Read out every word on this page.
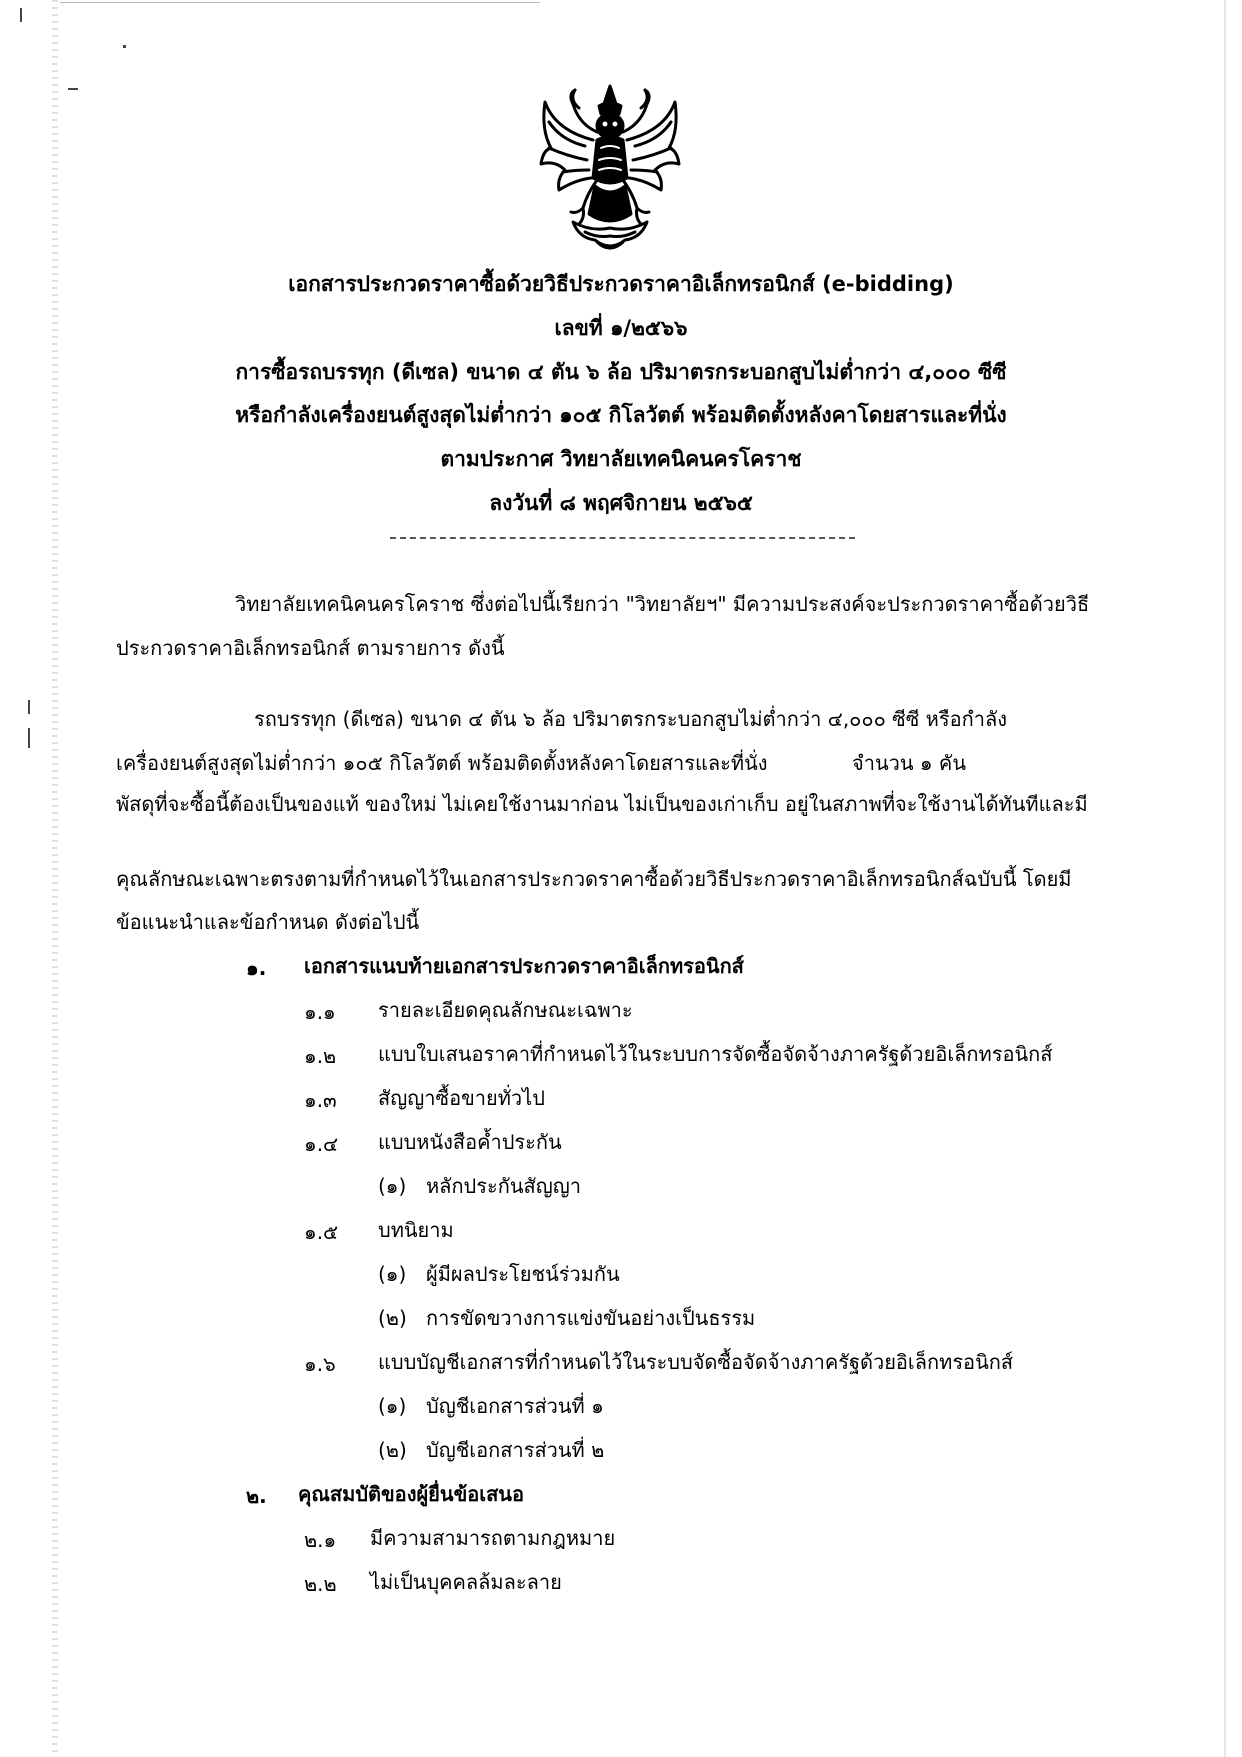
เอกสารประกวดราคาซื้อด้วยวิธีประกวดราคาอิเล็กทรอนิกส์ (e-bidding)
เลขที่ ๑/๒๕๖๖
การซื้อรถบรรทุก (ดีเซล) ขนาด ๔ ตัน ๖ ล้อ ปริมาตรกระบอกสูบไม่ต่ำกว่า ๔,๐๐๐ ซีซี
หรือกำลังเครื่องยนต์สูงสุดไม่ต่ำกว่า ๑๐๕ กิโลวัตต์ พร้อมติดตั้งหลังคาโดยสารและที่นั่ง
ตามประกาศ วิทยาลัยเทคนิคนครโคราช
ลงวันที่ ๘ พฤศจิกายน ๒๕๖๕
วิทยาลัยเทคนิคนครโคราช ซึ่งต่อไปนี้เรียกว่า "วิทยาลัยฯ" มีความประสงค์จะประกวดราคาซื้อด้วยวิธี
ประกวดราคาอิเล็กทรอนิกส์ ตามรายการ ดังนี้
รถบรรทุก (ดีเซล) ขนาด ๔ ตัน ๖ ล้อ ปริมาตรกระบอกสูบไม่ต่ำกว่า ๔,๐๐๐ ซีซี หรือกำลัง
เครื่องยนต์สูงสุดไม่ต่ำกว่า ๑๐๕ กิโลวัตต์ พร้อมติดตั้งหลังคาโดยสารและที่นั่ง	จำนวน ๑ คัน
พัสดุที่จะซื้อนี้ต้องเป็นของแท้ ของใหม่ ไม่เคยใช้งานมาก่อน ไม่เป็นของเก่าเก็บ อยู่ในสภาพที่จะใช้งานได้ทันทีและมี
คุณลักษณะเฉพาะตรงตามที่กำหนดไว้ในเอกสารประกวดราคาซื้อด้วยวิธีประกวดราคาอิเล็กทรอนิกส์ฉบับนี้ โดยมี
ข้อแนะนำและข้อกำหนด ดังต่อไปนี้
๑. เอกสารแนบท้ายเอกสารประกวดราคาอิเล็กทรอนิกส์
๑.๑ รายละเอียดคุณลักษณะเฉพาะ
๑.๒ แบบใบเสนอราคาที่กำหนดไว้ในระบบการจัดซื้อจัดจ้างภาครัฐด้วยอิเล็กทรอนิกส์
๑.๓ สัญญาซื้อขายทั่วไป
๑.๔ แบบหนังสือค้ำประกัน
(๑) หลักประกันสัญญา
๑.๕ บทนิยาม
(๑) ผู้มีผลประโยชน์ร่วมกัน
(๒) การขัดขวางการแข่งขันอย่างเป็นธรรม
๑.๖ แบบบัญชีเอกสารที่กำหนดไว้ในระบบจัดซื้อจัดจ้างภาครัฐด้วยอิเล็กทรอนิกส์
(๑) บัญชีเอกสารส่วนที่ ๑
(๒) บัญชีเอกสารส่วนที่ ๒
๒. คุณสมบัติของผู้ยื่นข้อเสนอ
๒.๑ มีความสามารถตามกฎหมาย
๒.๒ ไม่เป็นบุคคลล้มละลาย
